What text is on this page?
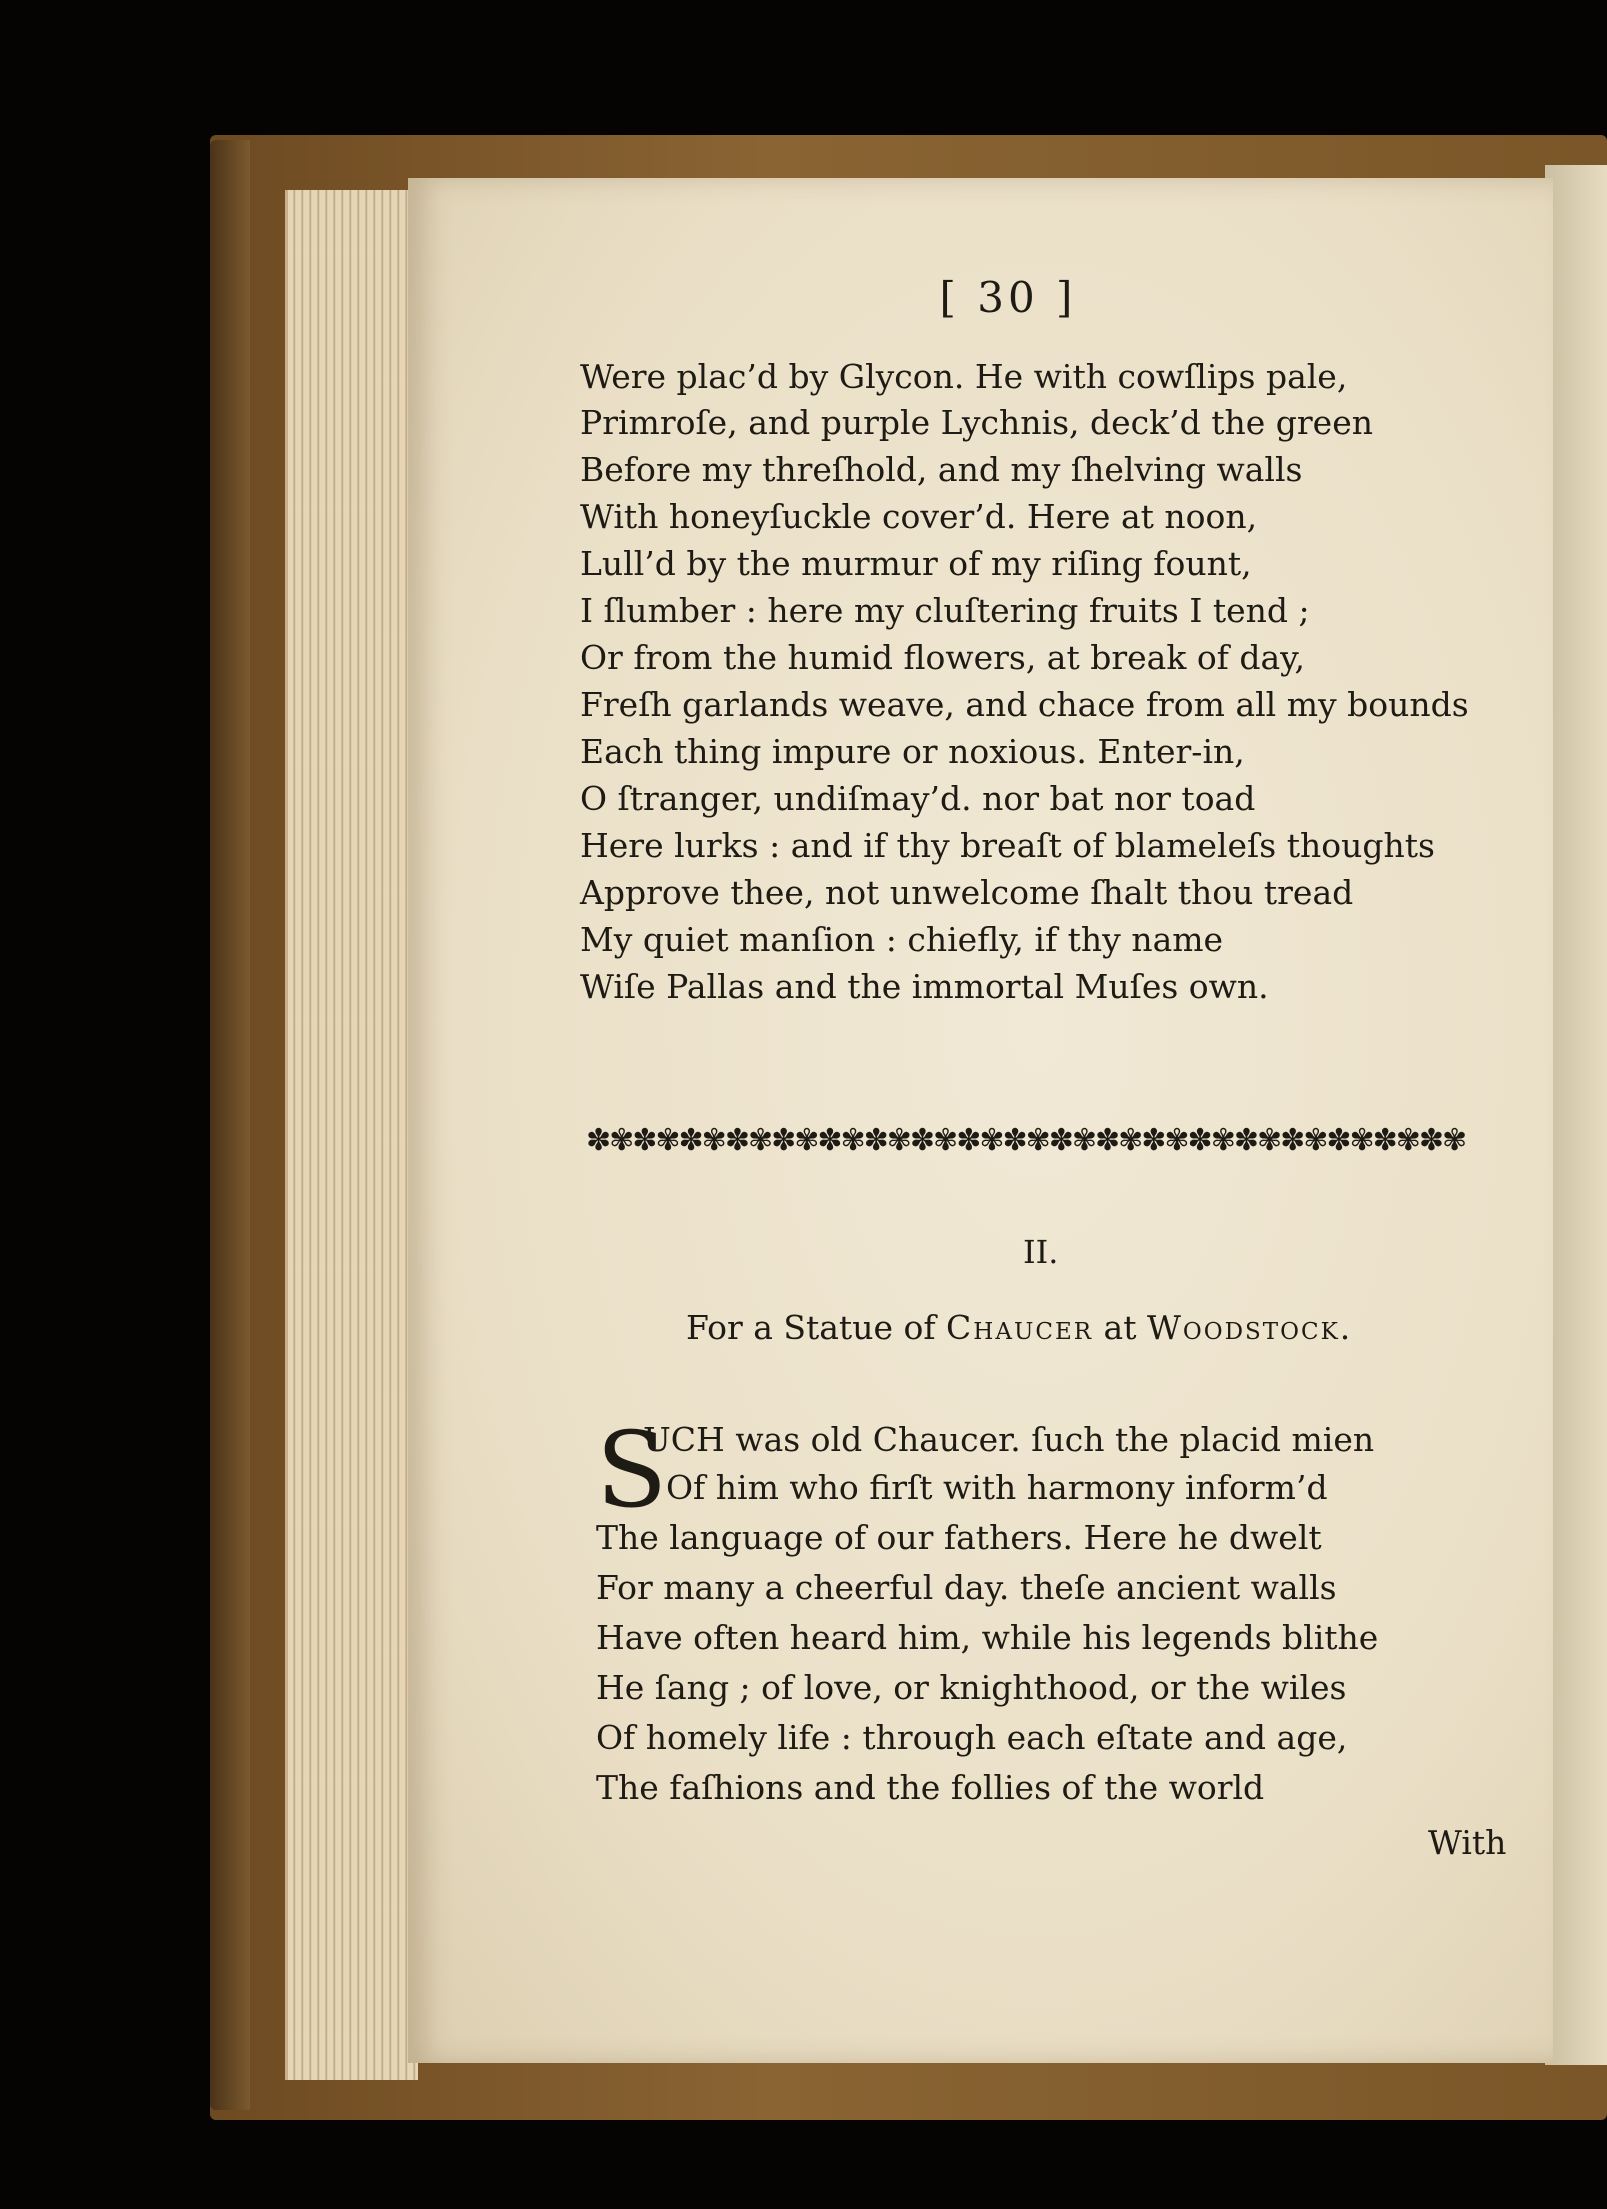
[ 30 ]
Were plac’d by Glycon. He with cowſlips pale,
Primroſe, and purple Lychnis, deck’d the green
Before my threſhold, and my ſhelving walls
With honeyſuckle cover’d. Here at noon,
Lull’d by the murmur of my riſing fount,
I ſlumber : here my cluſtering fruits I tend ;
Or from the humid flowers, at break of day,
Freſh garlands weave, and chace from all my bounds
Each thing impure or noxious. Enter-in,
O ſtranger, undiſmay’d. nor bat nor toad
Here lurks : and if thy breaſt of blameleſs thoughts
Approve thee, not unwelcome ſhalt thou tread
My quiet manſion : chiefly, if thy name
Wiſe Pallas and the immortal Muſes own.
✽✾✽✾✽✾✽✾✽✾✽✾✽✾✽✾✽✾✽✾✽✾✽✾✽✾✽✾✽✾✽✾✽✾✽✾✽✾
II.
For a Statue of Chaucer at Woodstock.
S
UCH was old Chaucer. ſuch the placid mien
Of him who firſt with harmony inform’d
The language of our fathers. Here he dwelt
For many a cheerful day. theſe ancient walls
Have often heard him, while his legends blithe
He ſang ; of love, or knighthood, or the wiles
Of homely life : through each eſtate and age,
The faſhions and the follies of the world
With
